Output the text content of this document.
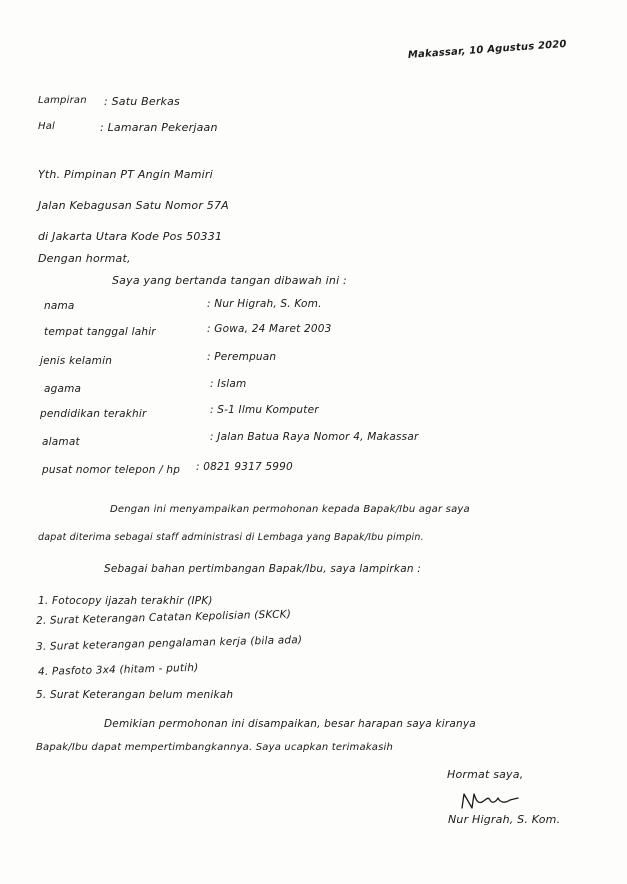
Makassar, 10 Agustus 2020
Lampiran : Satu Berkas
Hal	: Lamaran Pekerjaan
Yth. Pimpinan PT Angin Mamiri
Jalan Kebagusan Satu Nomor 57A
di Jakarta Utara Kode Pos 50331
Dengan hormat,
Saya yang bertanda tangan dibawah ini :
nama	: Nur Higrah, S. Kom.
tempat tanggal lahir	: Gowa, 24 Maret 2003
jenis kelamin	: Perempuan
agama	: Islam
pendidikan terakhir	: S-1 Ilmu Komputer
alamat	: Jalan Batua Raya Nomor 4, Makassar
pusat nomor telepon / hp : 0821 9317 5990
Dengan ini menyampaikan permohonan kepada Bapak/Ibu agar saya
dapat diterima sebagai staff administrasi di Lembaga yang Bapak/Ibu pimpin.
Sebagai bahan pertimbangan Bapak/Ibu, saya lampirkan :
1. Fotocopy ijazah terakhir (IPK)
2. Surat Keterangan Catatan Kepolisian (SKCK)
3. Surat keterangan pengalaman kerja (bila ada)
4. Pasfoto 3x4 (hitam - putih)
5. Surat Keterangan belum menikah
Demikian permohonan ini disampaikan, besar harapan saya kiranya
Bapak/Ibu dapat mempertimbangkannya. Saya ucapkan terimakasih
Hormat saya,
Nur Higrah, S. Kom.
